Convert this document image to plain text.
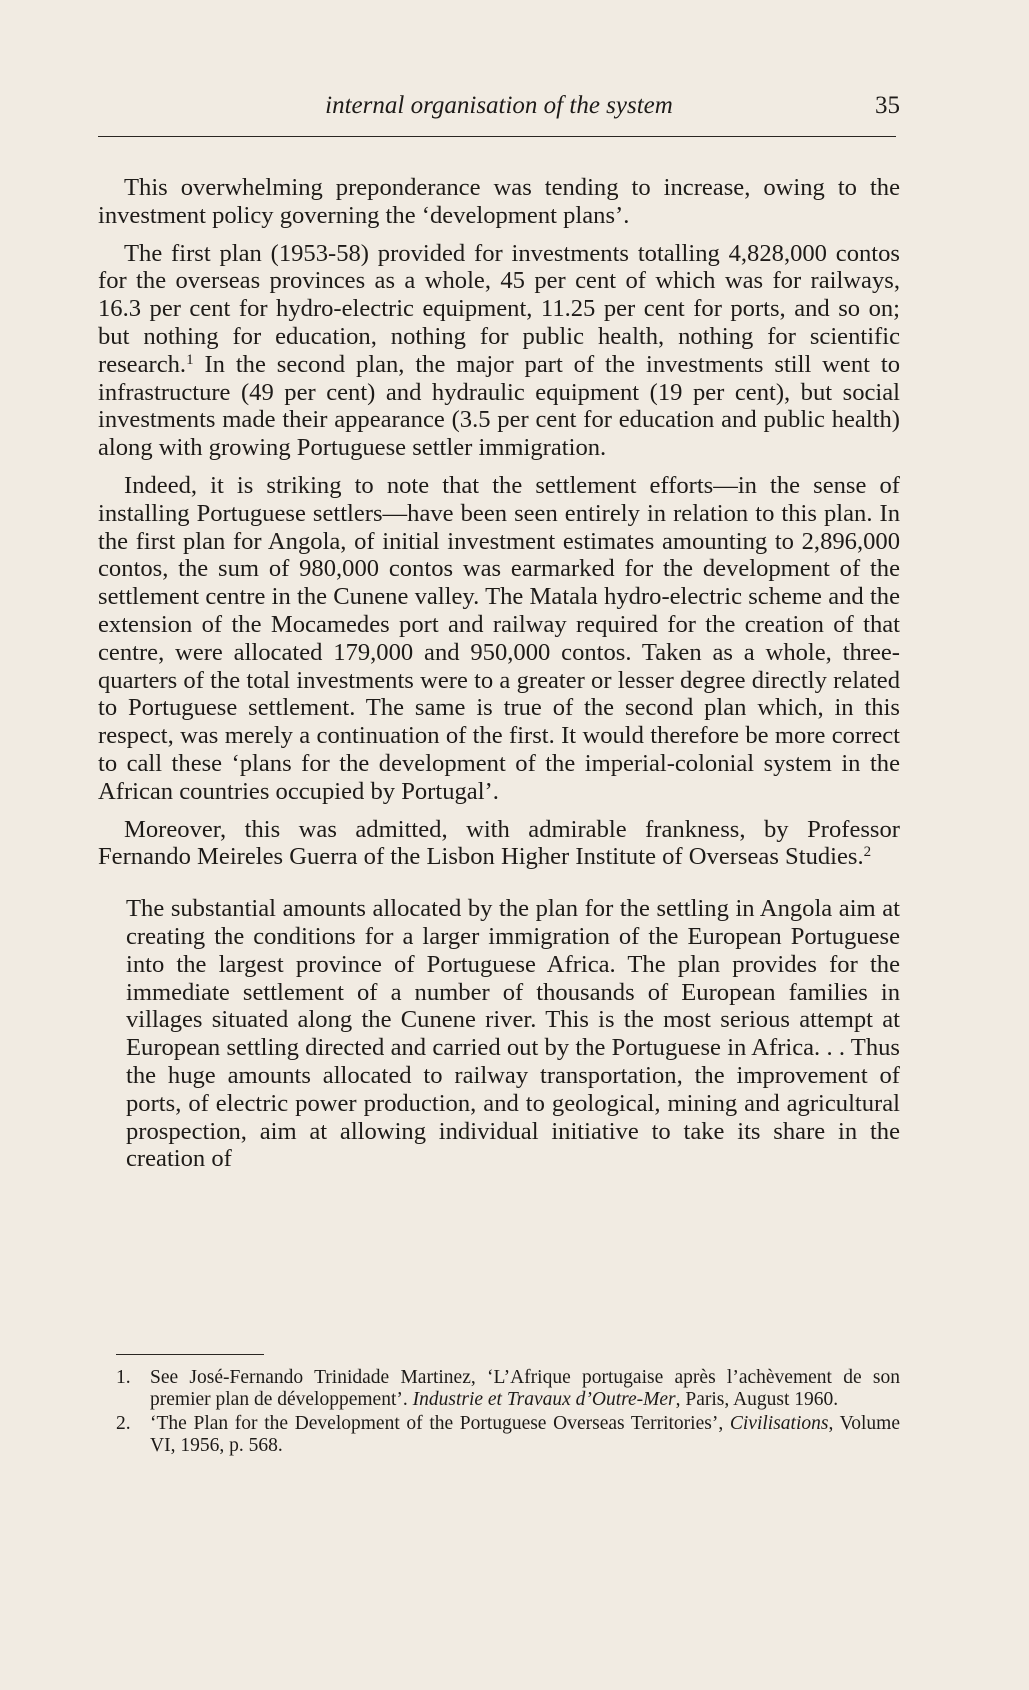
internal organisation of the system	35

This overwhelming preponderance was tending to increase, owing to the investment policy governing the ‘development plans’.

The first plan (1953-58) provided for investments totalling 4,828,000 contos for the overseas provinces as a whole, 45 per cent of which was for railways, 16.3 per cent for hydro-electric equipment, 11.25 per cent for ports, and so on; but nothing for education, nothing for public health, nothing for scientific research.$^1$ In the second plan, the major part of the investments still went to infrastructure (49 per cent) and hydraulic equipment (19 per cent), but social investments made their appearance (3.5 per cent for education and public health) along with growing Portuguese settler immigration.

Indeed, it is striking to note that the settlement efforts—in the sense of installing Portuguese settlers—have been seen entirely in relation to this plan. In the first plan for Angola, of initial investment estimates amounting to 2,896,000 contos, the sum of 980,000 contos was earmarked for the development of the settlement centre in the Cunene valley. The Matala hydro-electric scheme and the extension of the Mocamedes port and railway required for the creation of that centre, were allocated 179,000 and 950,000 contos. Taken as a whole, three-quarters of the total investments were to a greater or lesser degree directly related to Portuguese settlement. The same is true of the second plan which, in this respect, was merely a continuation of the first. It would therefore be more correct to call these ‘plans for the development of the imperial-colonial system in the African countries occupied by Portugal’.

Moreover, this was admitted, with admirable frankness, by Professor Fernando Meireles Guerra of the Lisbon Higher Institute of Overseas Studies.$^2$

The substantial amounts allocated by the plan for the settling in Angola aim at creating the conditions for a larger immigration of the European Portuguese into the largest province of Portuguese Africa. The plan provides for the immediate settlement of a number of thousands of European families in villages situated along the Cunene river. This is the most serious attempt at European settling directed and carried out by the Portuguese in Africa. . . Thus the huge amounts allocated to railway transportation, the improvement of ports, of electric power production, and to geological, mining and agricultural prospection, aim at allowing individual initiative to take its share in the creation of

1. See José-Fernando Trinidade Martinez, ‘L’Afrique portugaise après l’achèvement de son premier plan de développement’. Industrie et Travaux d’Outre-Mer, Paris, August 1960.
2. ‘The Plan for the Development of the Portuguese Overseas Territories’, Civilisations, Volume VI, 1956, p. 568.
